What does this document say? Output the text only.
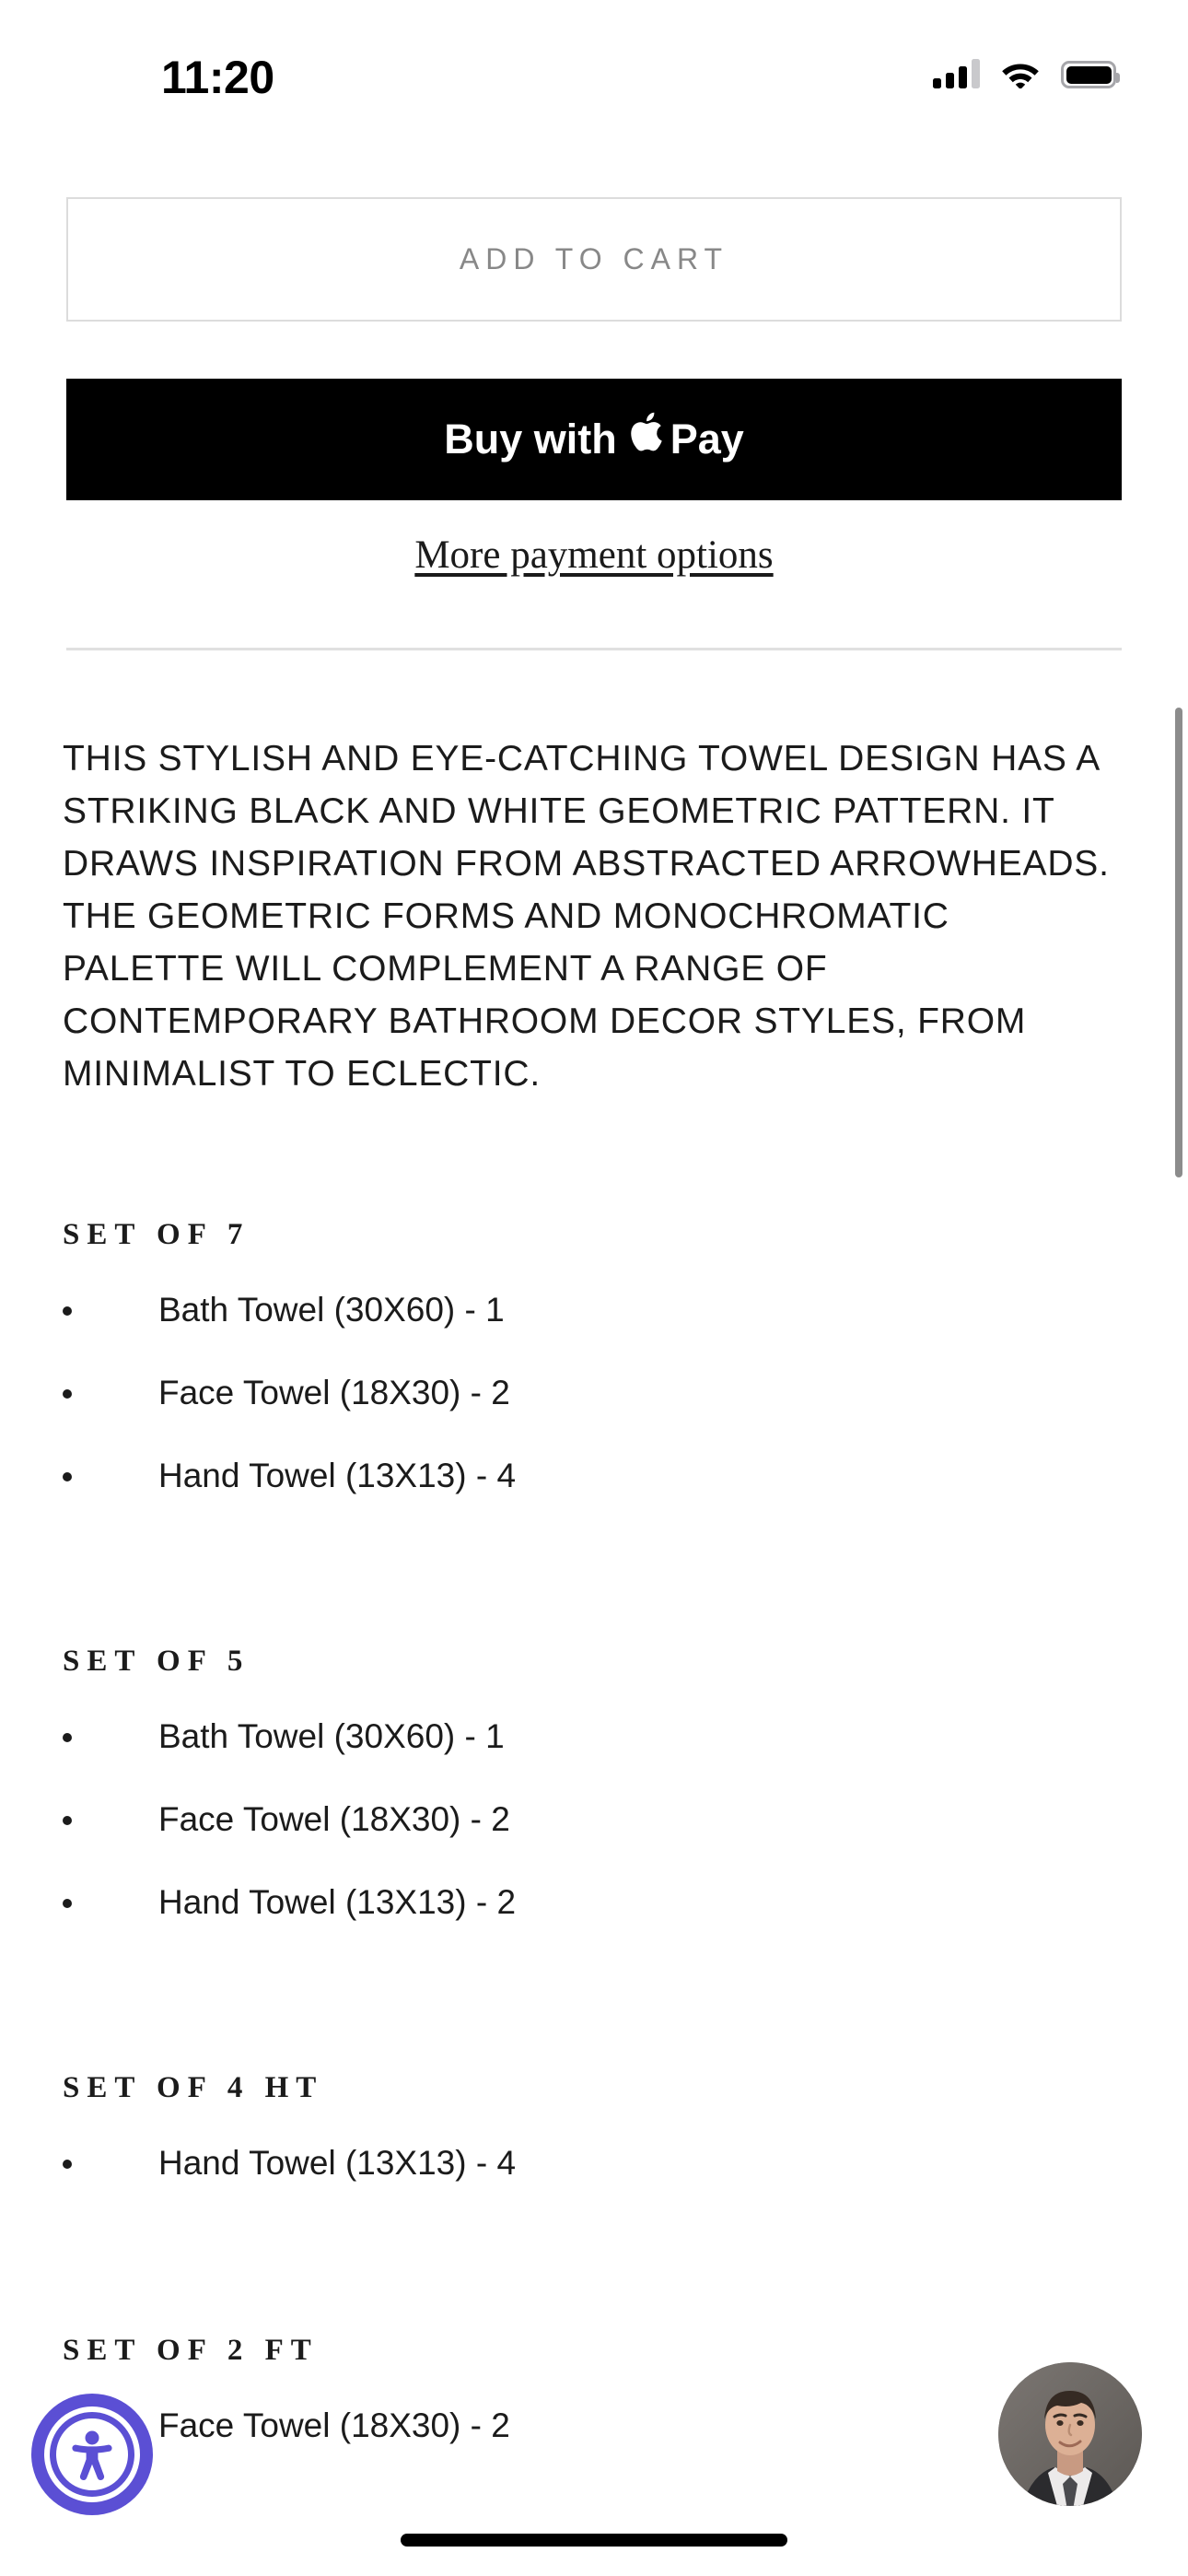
11:20
ADD TO CART
Buy with Pay
More payment options

THIS STYLISH AND EYE-CATCHING TOWEL DESIGN HAS A STRIKING BLACK AND WHITE GEOMETRIC PATTERN. IT DRAWS INSPIRATION FROM ABSTRACTED ARROWHEADS. THE GEOMETRIC FORMS AND MONOCHROMATIC PALETTE WILL COMPLEMENT A RANGE OF CONTEMPORARY BATHROOM DECOR STYLES, FROM MINIMALIST TO ECLECTIC.

SET OF 7
Bath Towel (30X60) - 1
Face Towel (18X30) - 2
Hand Towel (13X13) - 4
SET OF 5
Bath Towel (30X60) - 1
Face Towel (18X30) - 2
Hand Towel (13X13) - 2
SET OF 4 HT
Hand Towel (13X13) - 4
SET OF 2 FT
Face Towel (18X30) - 2
